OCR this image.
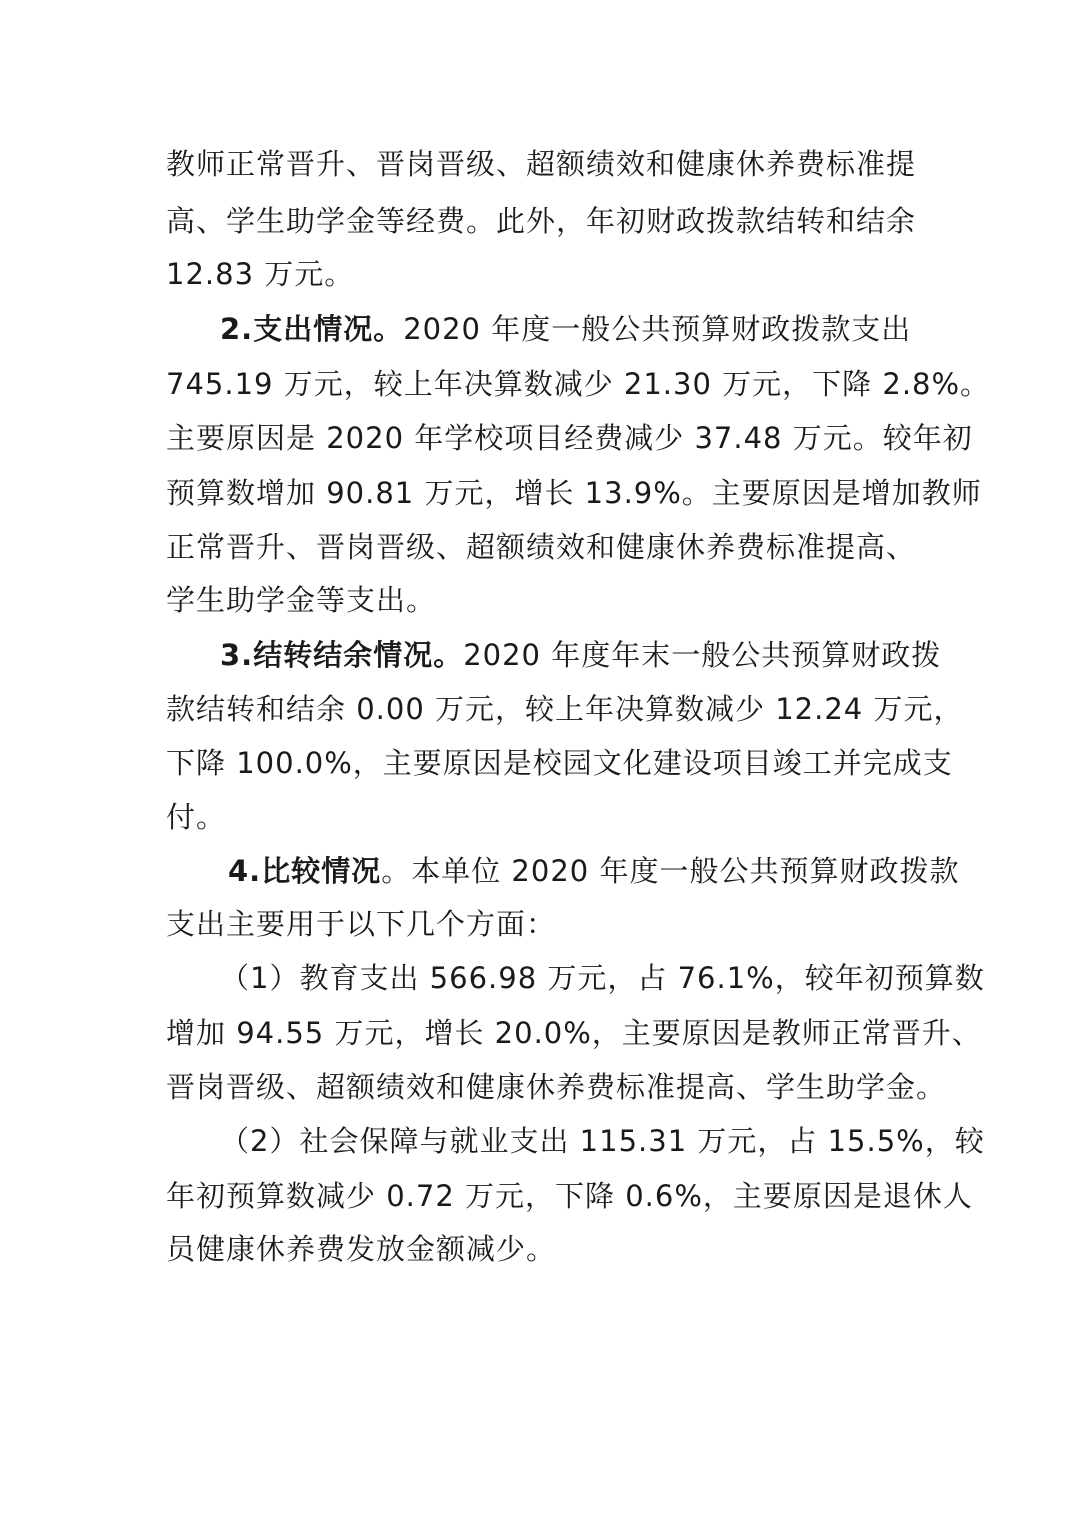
教师正常晋升、晋岗晋级、超额绩效和健康休养费标准提
高、学生助学金等经费。此外，年初财政拨款结转和结余
12.83 万元。
2.支出情况。2020 年度一般公共预算财政拨款支出
745.19 万元，较上年决算数减少 21.30 万元，下降 2.8%。
主要原因是 2020 年学校项目经费减少 37.48 万元。较年初
预算数增加 90.81 万元，增长 13.9%。主要原因是增加教师
正常晋升、晋岗晋级、超额绩效和健康休养费标准提高、
学生助学金等支出。
3.结转结余情况。2020 年度年末一般公共预算财政拨
款结转和结余 0.00 万元，较上年决算数减少 12.24 万元，
下降 100.0%，主要原因是校园文化建设项目竣工并完成支
付。
4.比较情况。本单位 2020 年度一般公共预算财政拨款
支出主要用于以下几个方面：
（1）教育支出 566.98 万元，占 76.1%，较年初预算数
增加 94.55 万元，增长 20.0%，主要原因是教师正常晋升、
晋岗晋级、超额绩效和健康休养费标准提高、学生助学金。
（2）社会保障与就业支出 115.31 万元，占 15.5%，较
年初预算数减少 0.72 万元，下降 0.6%，主要原因是退休人
员健康休养费发放金额减少。
